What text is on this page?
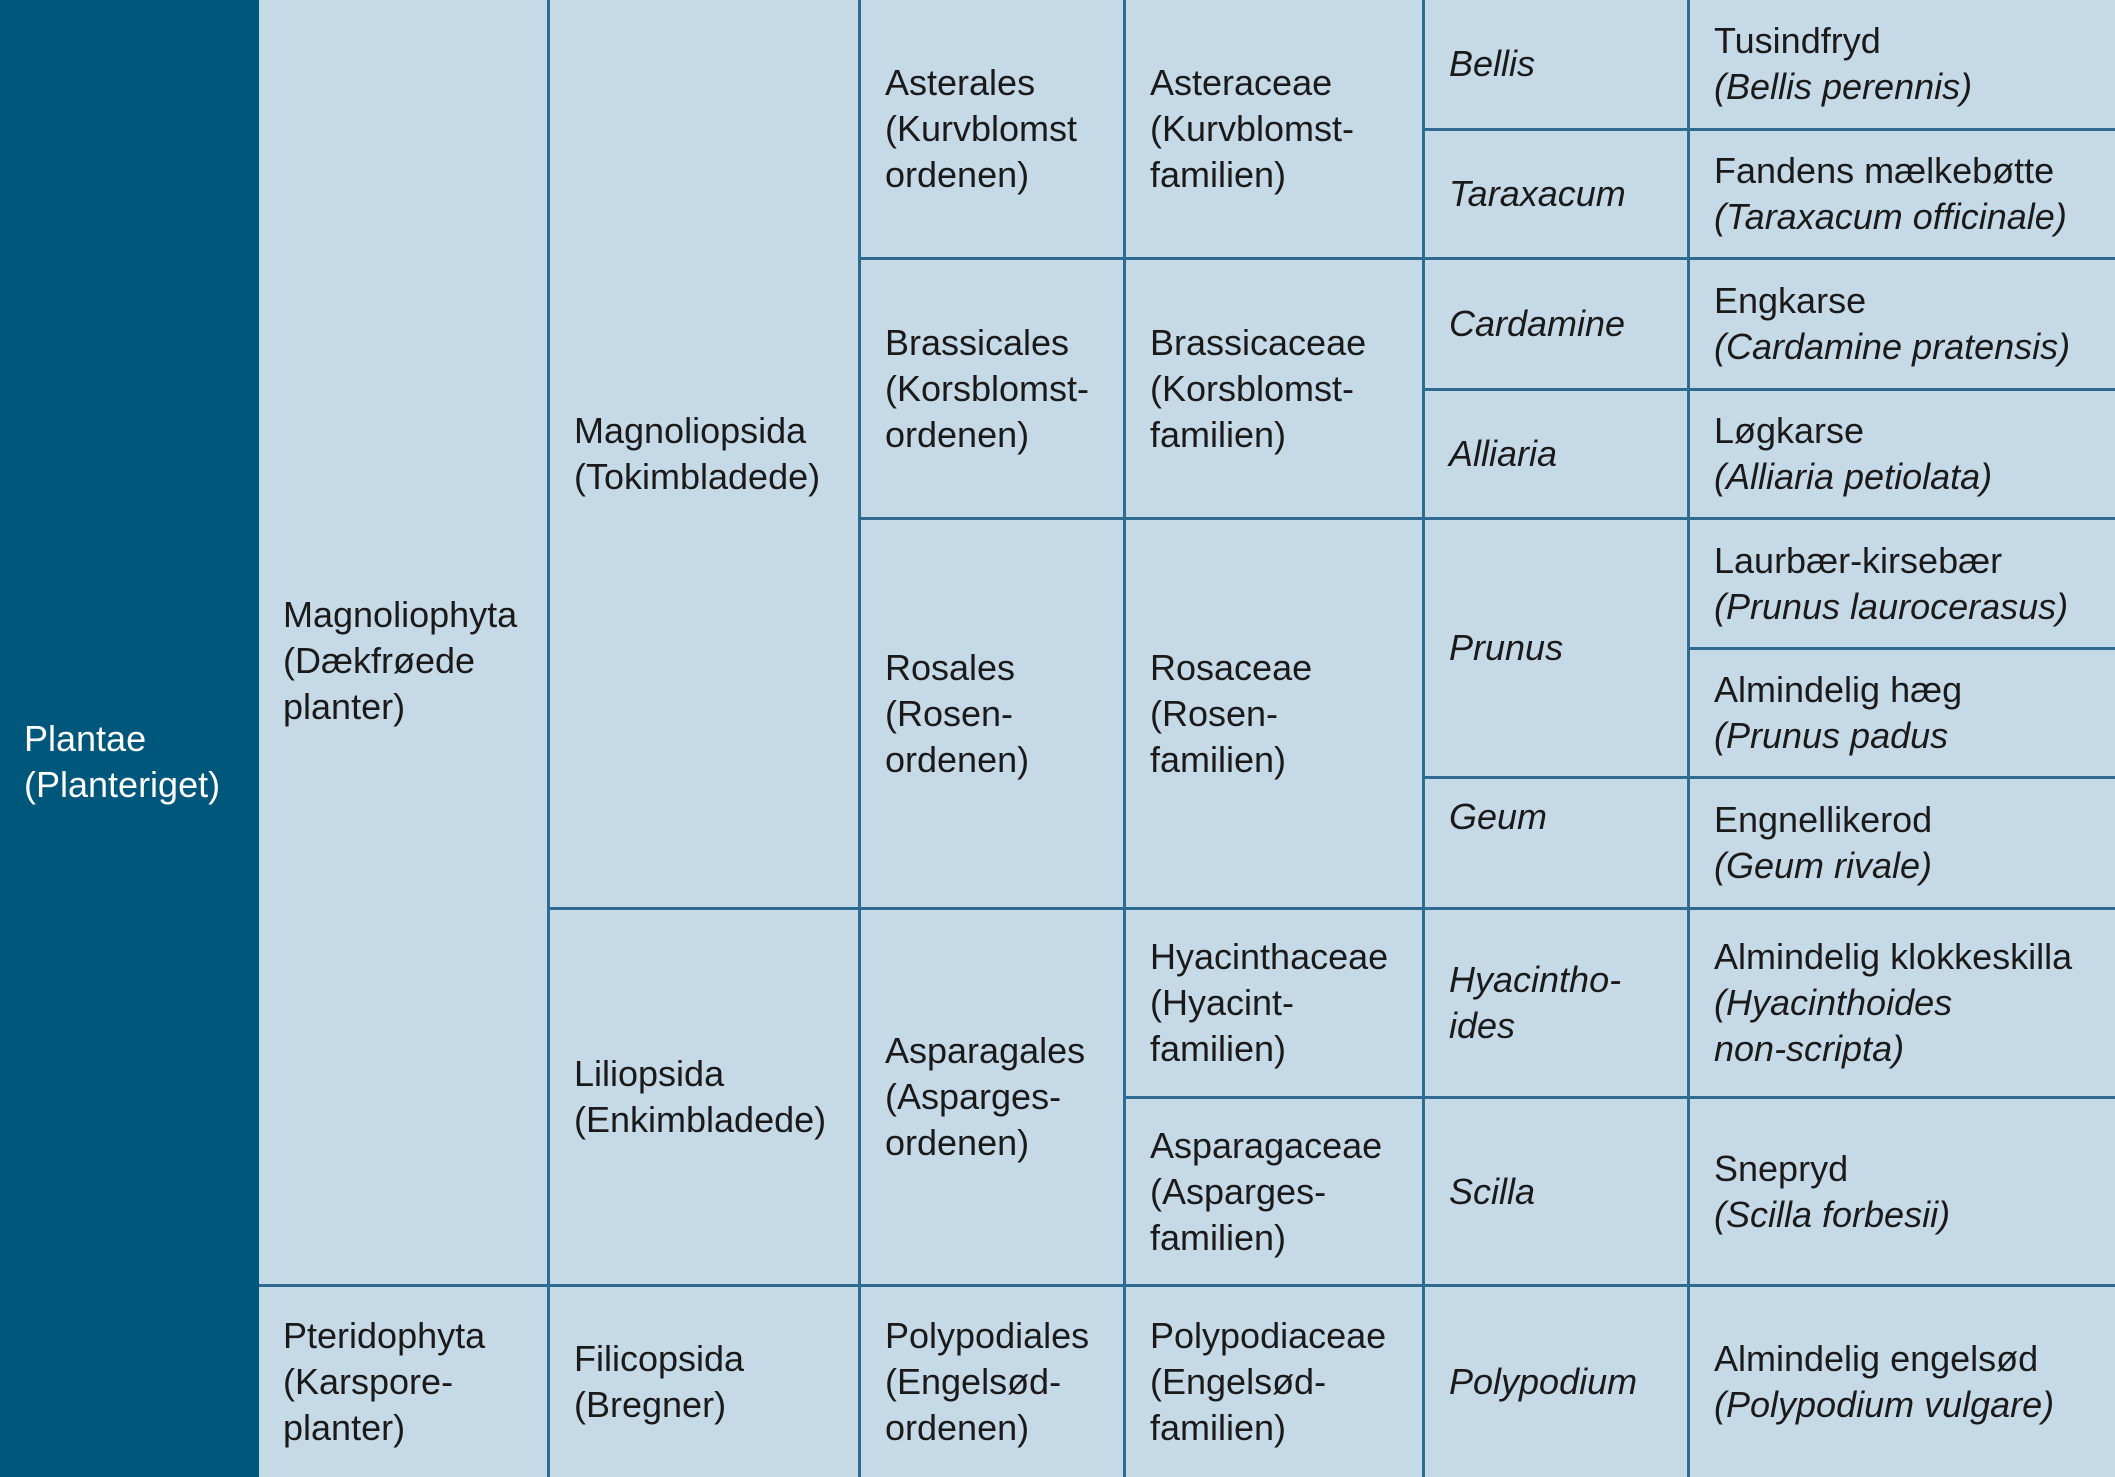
Plantae
(Planteriget)
Magnoliophyta
(Dækfrøede
planter)
Pteridophyta
(Karspore-
planter)
Magnoliopsida
(Tokimbladede)
Liliopsida
(Enkimbladede)
Filicopsida
(Bregner)
Asterales
(Kurvblomst
ordenen)
Brassicales
(Korsblomst-
ordenen)
Rosales
(Rosen-
ordenen)
Asparagales
(Asparges-
ordenen)
Polypodiales
(Engelsød-
ordenen)
Asteraceae
(Kurvblomst-
familien)
Brassicaceae
(Korsblomst-
familien)
Rosaceae
(Rosen-
familien)
Hyacinthaceae
(Hyacint-
familien)
Asparagaceae
(Asparges-
familien)
Polypodiaceae
(Engelsød-
familien)
Bellis
Taraxacum
Cardamine
Alliaria
Prunus
Geum
Hyacintho-
ides
Scilla
Polypodium
Tusindfryd
(Bellis perennis)
Fandens mælkebøtte
(Taraxacum officinale)
Engkarse
(Cardamine pratensis)
Løgkarse
(Alliaria petiolata)
Laurbær-kirsebær
(Prunus laurocerasus)
Almindelig hæg
(Prunus padus
Engnellikerod
(Geum rivale)
Almindelig klokkeskilla
(Hyacinthoides
non-scripta)
Snepryd
(Scilla forbesii)
Almindelig engelsød
(Polypodium vulgare)
